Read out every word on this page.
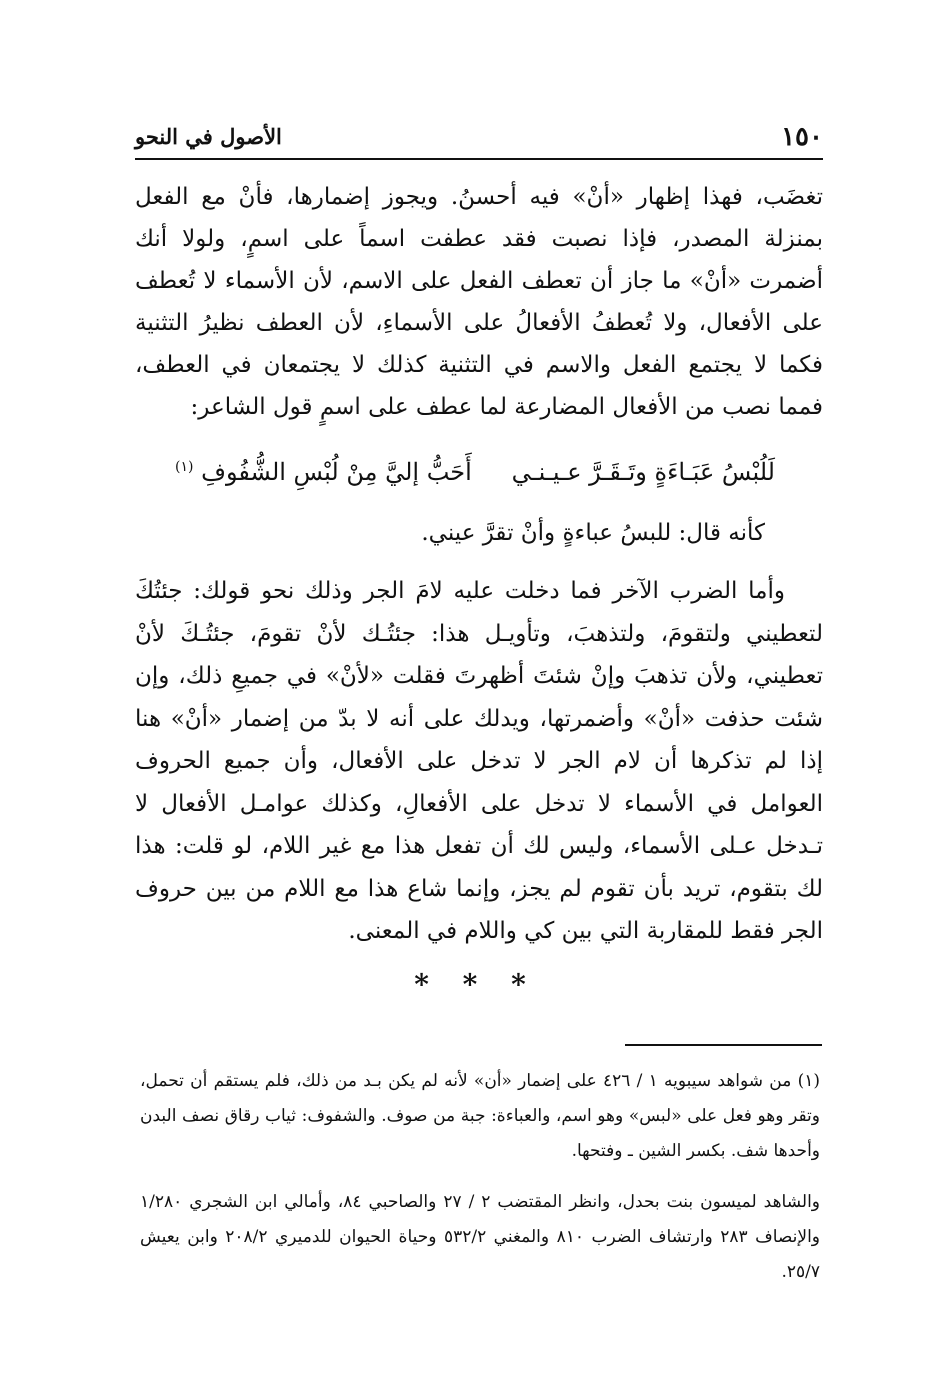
١٥٠
الأصول في النحو

تغضَب، فهذا إظهار «أنْ» فيه أحسنُ. ويجوز إضمارها، فأنْ مع الفعل بمنزلة المصدر، فإذا نصبت فقد عطفت اسماً على اسمٍ، ولولا أنك أضمرت «أنْ» ما جاز أن تعطف الفعل على الاسم، لأن الأسماء لا تُعطف على الأفعال، ولا تُعطفُ الأفعالُ على الأسماءِ، لأن العطف نظيرُ التثنية فكما لا يجتمع الفعل والاسم في التثنية كذلك لا يجتمعان في العطف، فمما نصب من الأفعال المضارعة لما عطف على اسمٍ قول الشاعر:

لَلُبْسُ عَبَـاءَةٍ وتَـقَـرَّ عـيـنـي
أَحَبُّ إليَّ مِنْ لُبْسِ الشُّفُوفِ $^{(١)}$
كأنه قال: للبسُ عباءةٍ وأنْ تقرَّ عيني.

وأما الضرب الآخر فما دخلت عليه لامَ الجر وذلك نحو قولك: جئتُكَ لتعطيني ولتقومَ، ولتذهبَ، وتأويـل هذا: جئتُـك لأنْ تقومَ، جئتُـكَ لأنْ تعطيني، ولأن تذهبَ وإنْ شئتَ أظهرتَ فقلت «لأنْ» في جميعِ ذلك، وإن شئت حذفت «أنْ» وأضمرتها، ويدلك على أنه لا بدّ من إضمار «أنْ» هنا إذا لم تذكرها أن لام الجر لا تدخل على الأفعال، وأن جميع الحروف العوامل في الأسماء لا تدخل على الأفعالِ، وكذلك عوامـل الأفعال لا تـدخل عـلى الأسماء، وليس لك أن تفعل هذا مع غير اللام، لو قلت: هذا لك بتقوم، تريد بأن تقوم لم يجز، وإنما شاع هذا مع اللام من بين حروف الجر فقط للمقاربة التي بين كي واللام في المعنى.

* * *

(١) من شواهد سيبويه ١ / ٤٢٦ على إضمار «أن» لأنه لم يكن بـد من ذلك، فلم يستقم أن تحمل، وتقر وهو فعل على «لبس» وهو اسم، والعباءة: جبة من صوف. والشفوف: ثياب رقاق نصف البدن وأحدها شف. بكسر الشين ـ وفتحها.

والشاهد لميسون بنت بحدل، وانظر المقتضب ٢ / ٢٧ والصاحبي ٨٤، وأمالي ابن الشجري ١/٢٨٠ والإنصاف ٢٨٣ وارتشاف الضرب ٨١٠ والمغني ٥٣٢/٢ وحياة الحيوان للدميري ٢٠٨/٢ وابن يعيش ٢٥/٧.
